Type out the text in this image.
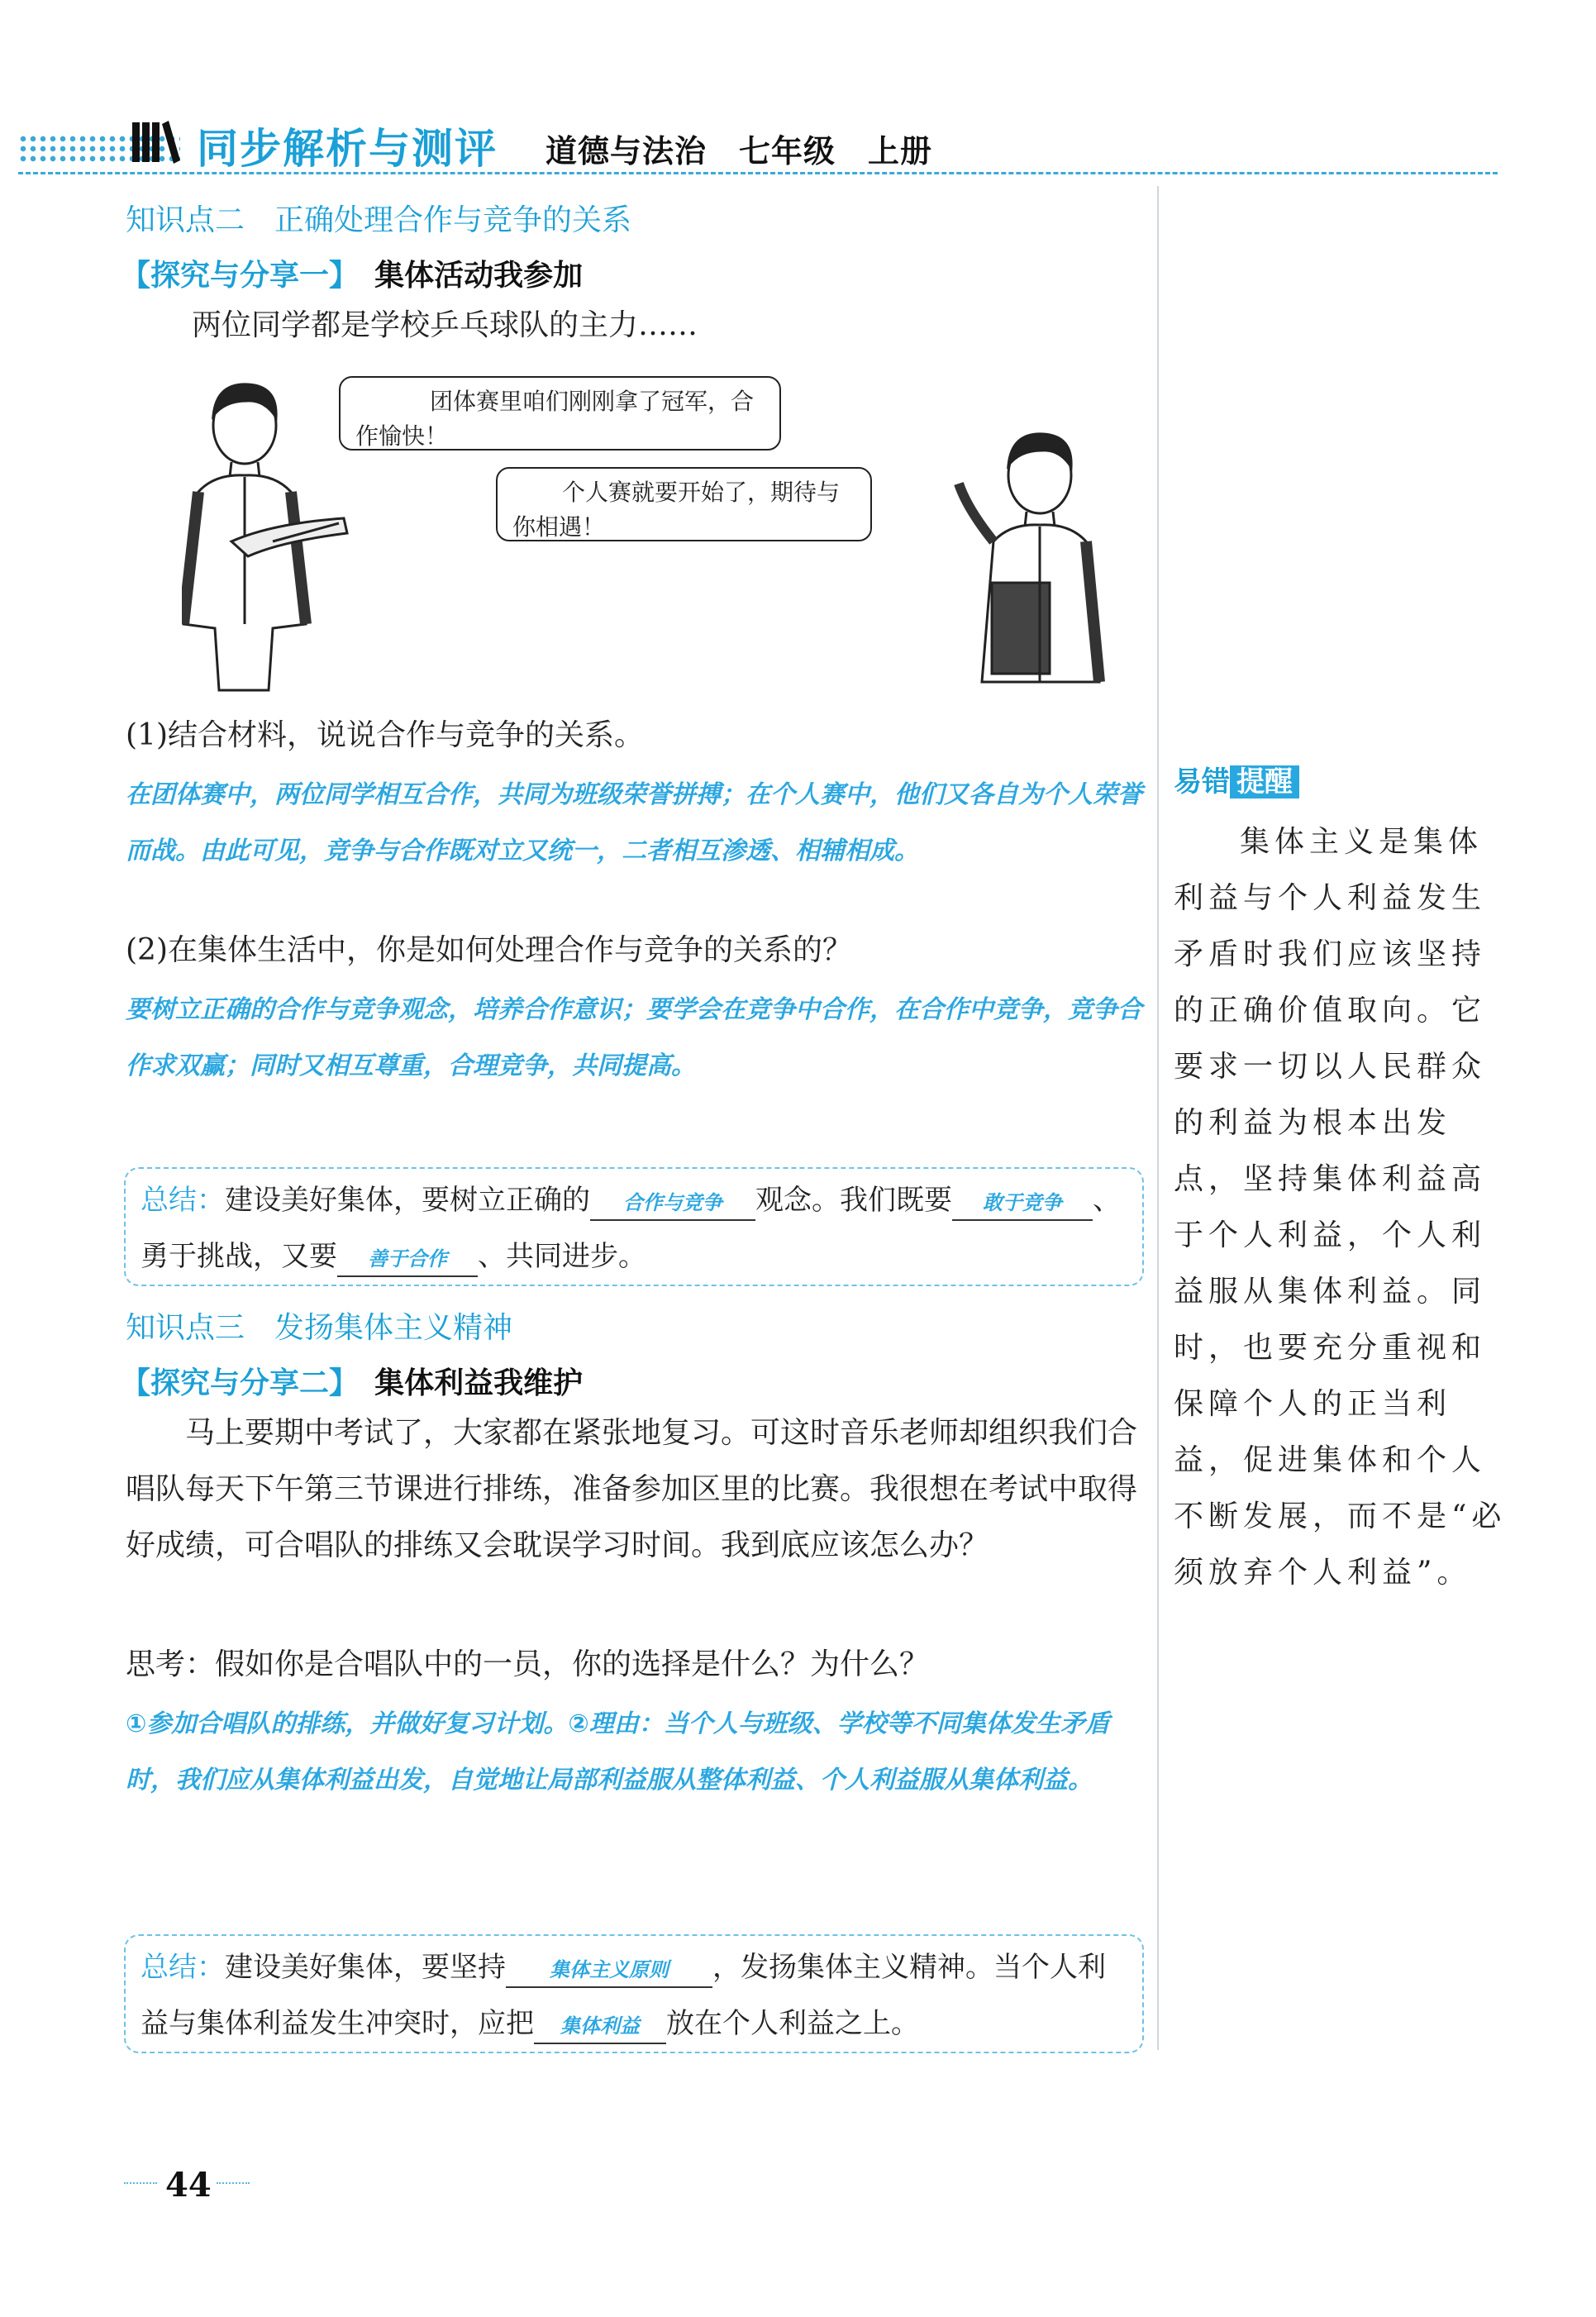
同步解析与测评 道德与法治　七年级　上册
知识点二　正确处理合作与竞争的关系
【探究与分享一】 集体活动我参加
两位同学都是学校乒乓球队的主力……
团体赛里咱们刚刚拿了冠军，合作愉快！
个人赛就要开始了，期待与你相遇！
(1)结合材料，说说合作与竞争的关系。
在团体赛中，两位同学相互合作，共同为班级荣誉拼搏；在个人赛中，他们又各自为个人荣誉而战。由此可见，竞争与合作既对立又统一，二者相互渗透、相辅相成。
(2)在集体生活中，你是如何处理合作与竞争的关系的？
要树立正确的合作与竞争观念，培养合作意识；要学会在竞争中合作，在合作中竞争，竞争合作求双赢；同时又相互尊重，合理竞争，共同提高。
总结：建设美好集体，要树立正确的 合作与竞争 观念。我们既要 敢于竞争 、勇于挑战，又要 善于合作 、共同进步。
知识点三　发扬集体主义精神
【探究与分享二】 集体利益我维护
马上要期中考试了，大家都在紧张地复习。可这时音乐老师却组织我们合唱队每天下午第三节课进行排练，准备参加区里的比赛。我很想在考试中取得好成绩，可合唱队的排练又会耽误学习时间。我到底应该怎么办？
思考：假如你是合唱队中的一员，你的选择是什么？为什么？
①参加合唱队的排练，并做好复习计划。②理由：当个人与班级、学校等不同集体发生矛盾时，我们应从集体利益出发，自觉地让局部利益服从整体利益、个人利益服从集体利益。
总结：建设美好集体，要坚持 集体主义原则 ，发扬集体主义精神。当个人利益与集体利益发生冲突时，应把 集体利益 放在个人利益之上。
易错 提醒
集体主义是集体利益与个人利益发生矛盾时我们应该坚持的正确价值取向。它要求一切以人民群众的利益为根本出发点，坚持集体利益高于个人利益，个人利益服从集体利益。同时，也要充分重视和保障个人的正当利益，促进集体和个人不断发展，而不是“必须放弃个人利益”。
44
